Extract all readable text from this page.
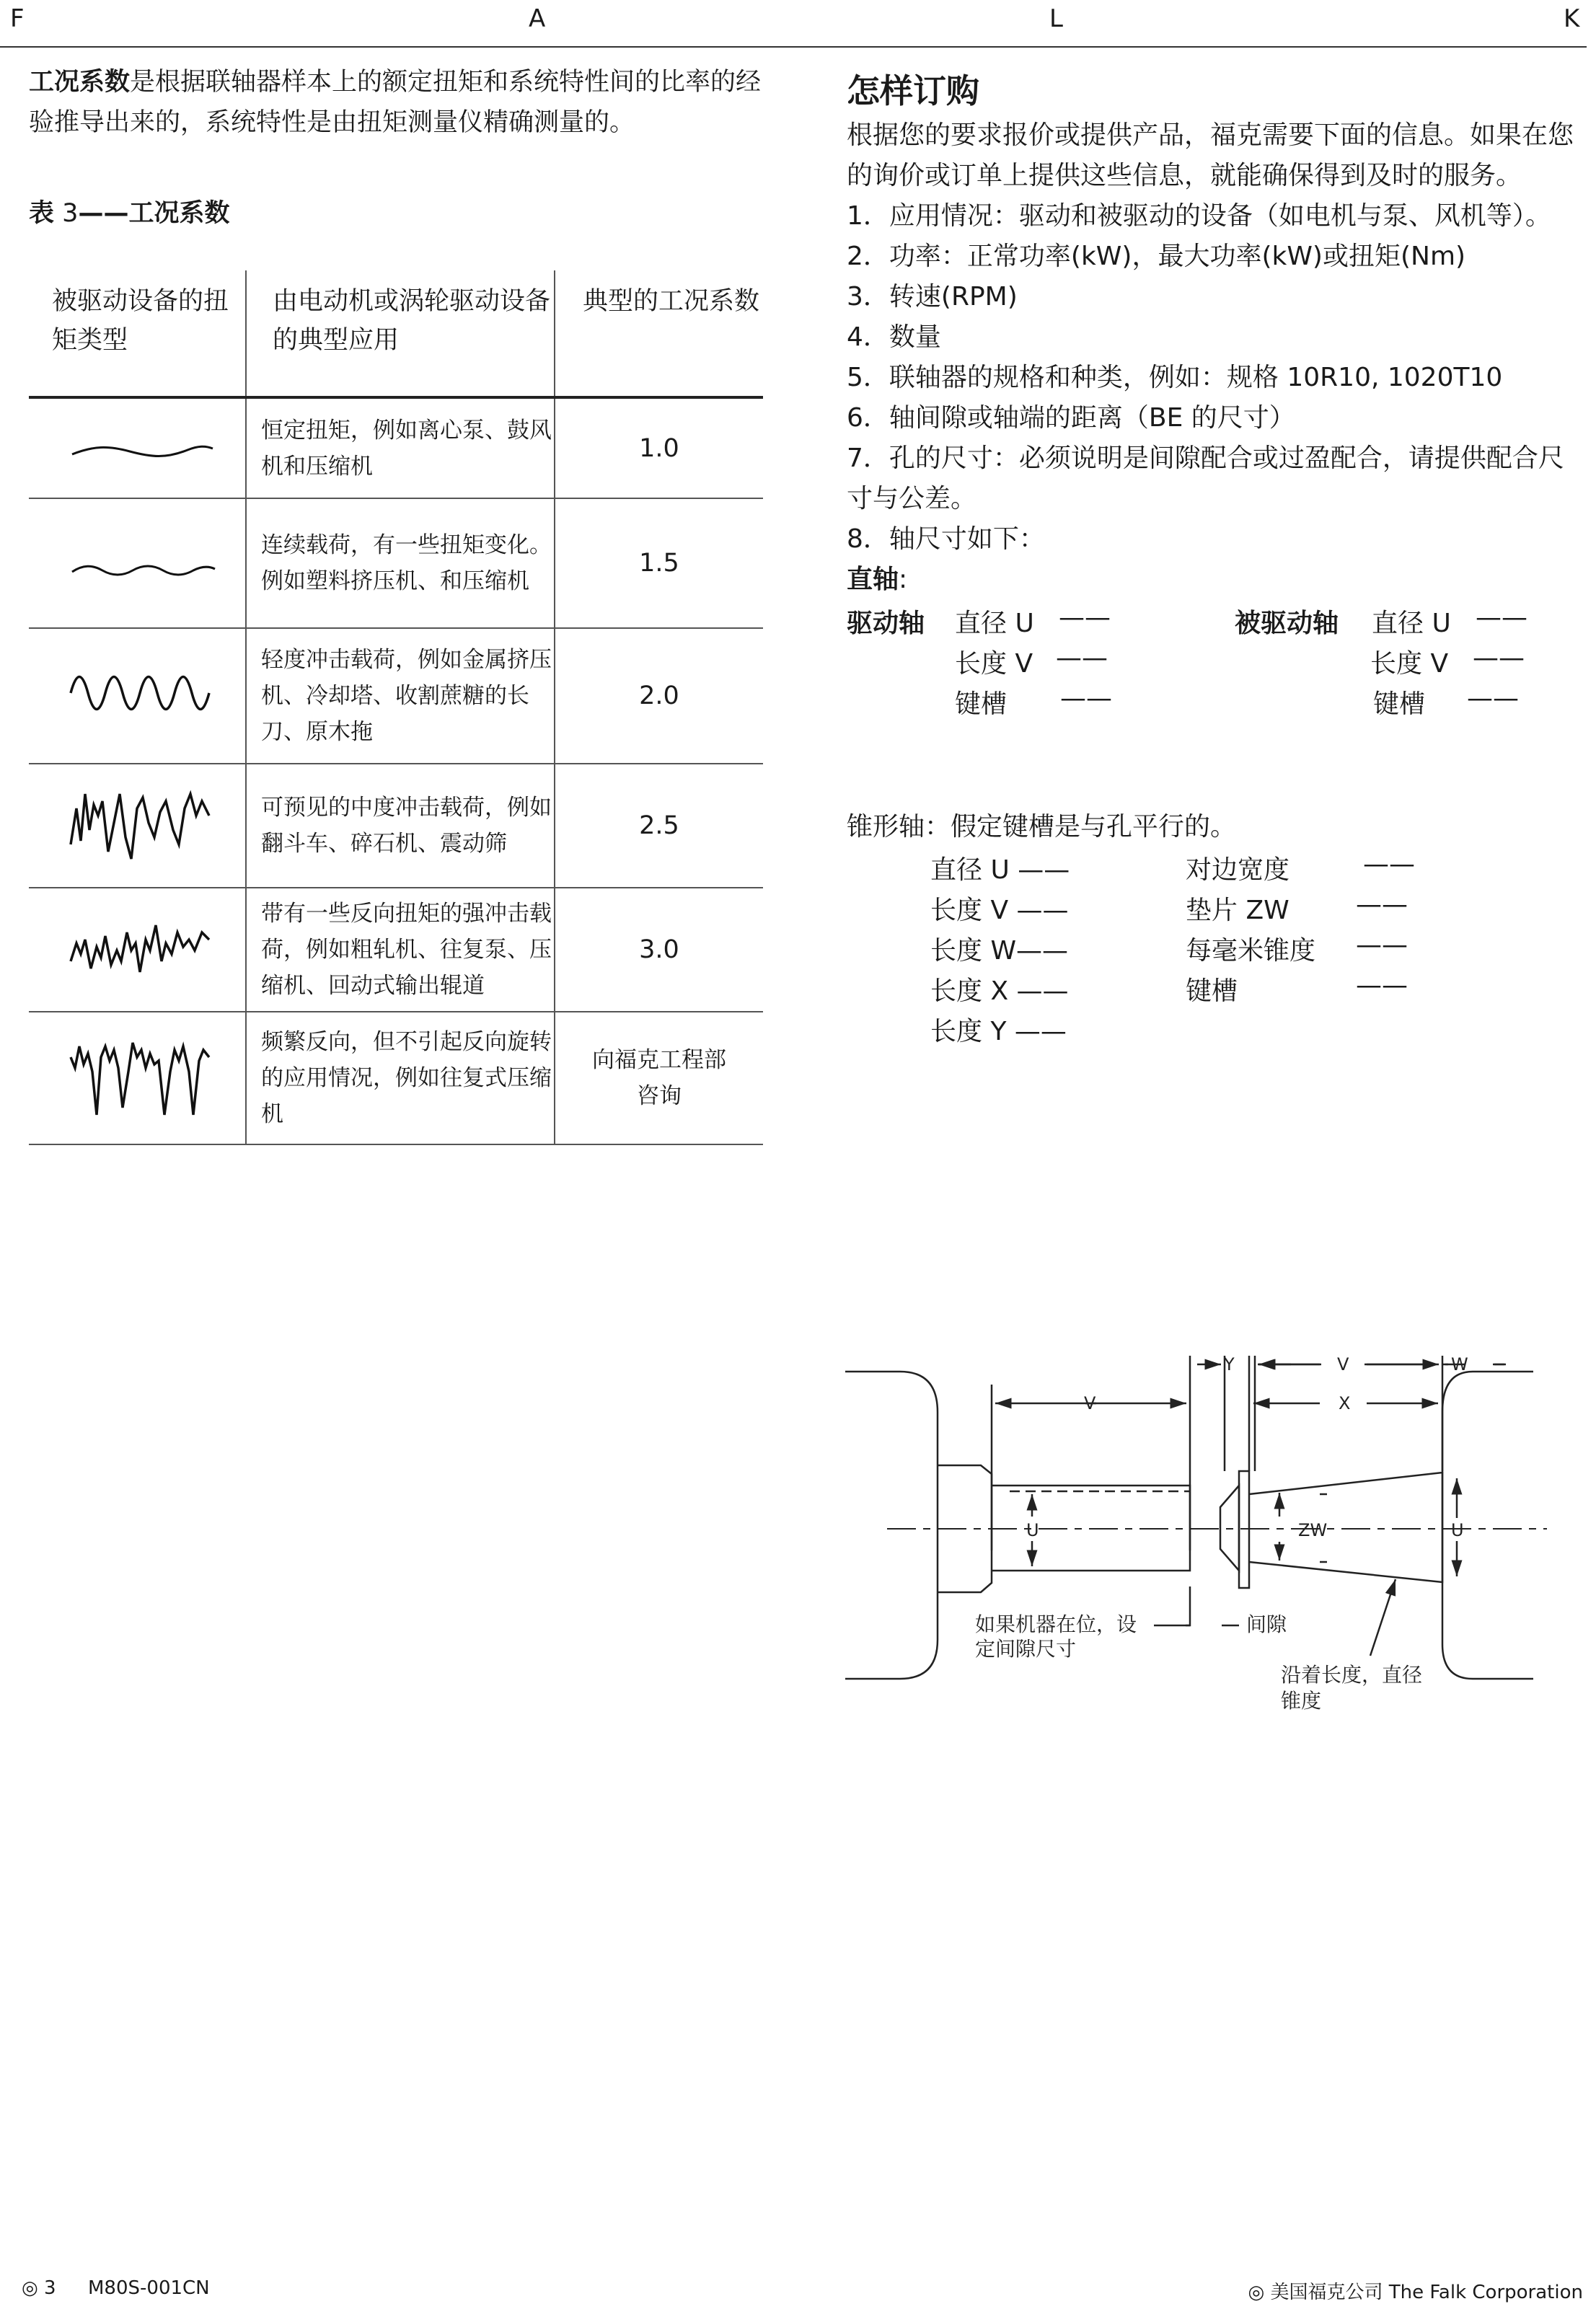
F	A	L	K
工况系数是根据联轴器样本上的额定扭矩和系统特性间的比率的经验推导出来的，系统特性是由扭矩测量仪精确测量的。
表 3——工况系数
被驱动设备的扭矩类型	由电动机或涡轮驱动设备的典型应用	典型的工况系数
	恒定扭矩，例如离心泵、鼓风机和压缩机	1.0
	连续载荷，有一些扭矩变化。例如塑料挤压机、和压缩机	1.5
	轻度冲击载荷，例如金属挤压机、冷却塔、收割蔗糖的长刀、原木拖	2.0
	可预见的中度冲击载荷，例如翻斗车、碎石机、震动筛	2.5
	带有一些反向扭矩的强冲击载荷，例如粗轧机、往复泵、压缩机、回动式输出辊道	3.0
	频繁反向，但不引起反向旋转的应用情况，例如往复式压缩机	向福克工程部咨询
怎样订购
根据您的要求报价或提供产品，福克需要下面的信息。如果在您的询价或订单上提供这些信息，就能确保得到及时的服务。
1．应用情况：驱动和被驱动的设备（如电机与泵、风机等）。
2．功率：正常功率(kW)，最大功率(kW)或扭矩(Nm)
3．转速(RPM)
4．数量
5．联轴器的规格和种类，例如：规格 10R10, 1020T10
6．轴间隙或轴端的距离（BE 的尺寸）
7．孔的尺寸：必须说明是间隙配合或过盈配合，请提供配合尺寸与公差。
8．轴尺寸如下：
直轴:
驱动轴 直径 U ——
长度 V ——
键槽 ——
被驱动轴 直径 U ——
长度 V ——
键槽 ——
锥形轴：假定键槽是与孔平行的。
直径 U ——
长度 V ——
长度 W——
长度 X ——
长度 Y ——
对边宽度	——
垫片 ZW	——
每毫米锥度 ——
键槽	——
V
Y	V	W
X
U	ZW	U
如果机器在位，设
定间隙尺寸
间隙
沿着长度，直径
锥度
◎ 3 M80S-001CN	◎ 美国福克公司 The Falk Corporation
